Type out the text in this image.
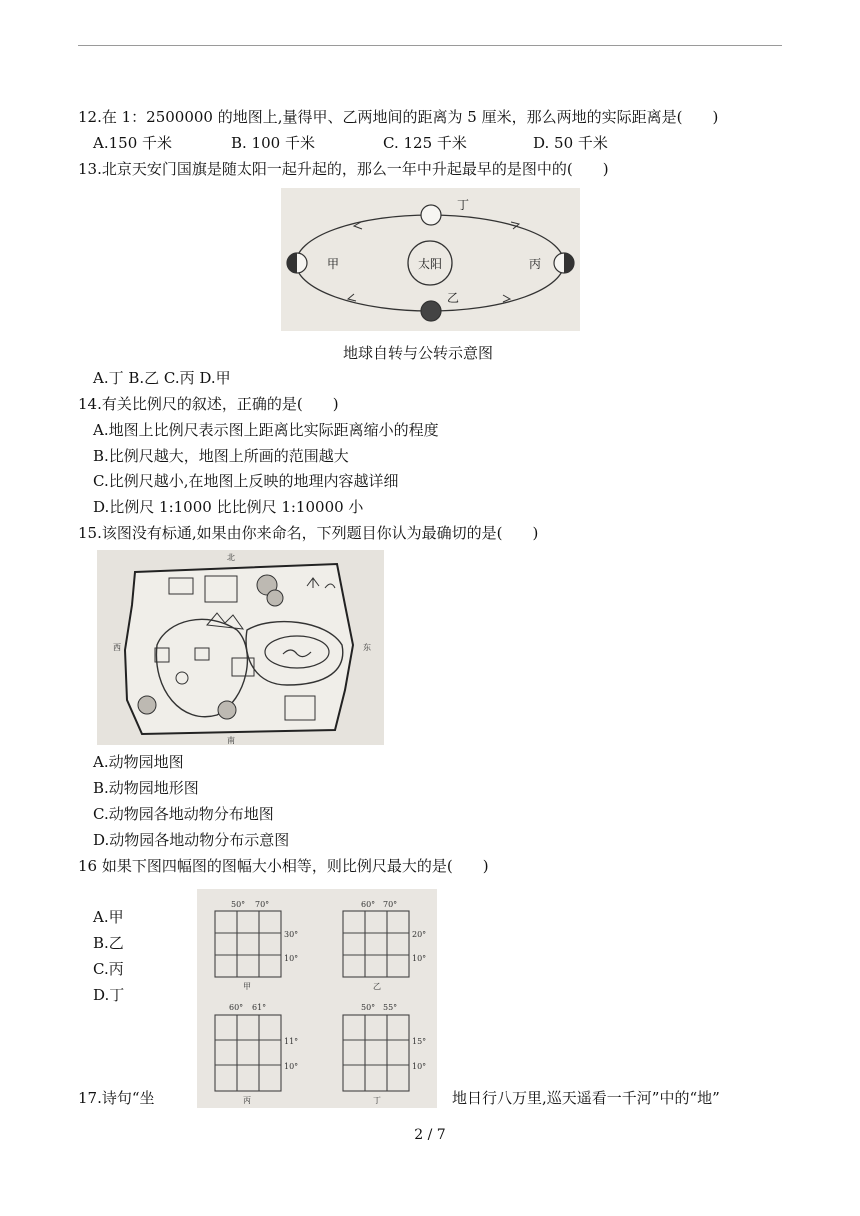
12.在 1：2500000 的地图上,量得甲、乙两地间的距离为 5 厘米，那么两地的实际距离是(　　)
A.150 千米	B. 100 千米	C. 125 千米	D. 50 千米
13.北京天安门国旗是随太阳一起升起的，那么一年中升起最早的是图中的(　　)
太阳
丁
甲	丙
乙
地球自转与公转示意图
A.丁 B.乙 C.丙 D.甲
14.有关比例尺的叙述，正确的是(　　)
A.地图上比例尺表示图上距离比实际距离缩小的程度
B.比例尺越大，地图上所画的范围越大
C.比例尺越小,在地图上反映的地理内容越详细
D.比例尺 1:1000 比比例尺 1:10000 小
15.该图没有标通,如果由你来命名，下列题目你认为最确切的是(　　)
北
南
西	东
A.动物园地图
B.动物园地形图
C.动物园各地动物分布地图
D.动物园各地动物分布示意图
16 如果下图四幅图的图幅大小相等，则比例尺最大的是(　　)
A.甲
B.乙
C.丙
D.丁
50° 70°
30°
10°
甲
60° 70°
20°
10°
乙
60° 61°
11°
10°
丙
50° 55°
15°
10°
丁
17.诗句“坐	地日行八万里,巡天遥看一千河”中的“地”
2 / 7
